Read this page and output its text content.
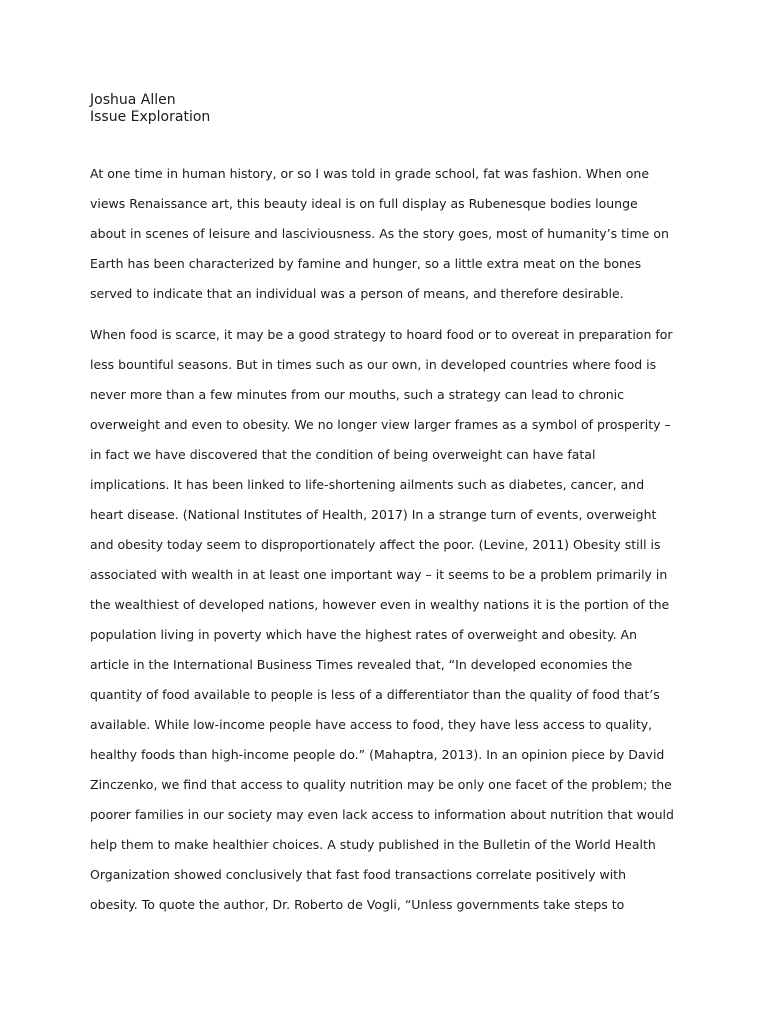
Joshua Allen
Issue Exploration
At one time in human history, or so I was told in grade school, fat was fashion. When one
views Renaissance art, this beauty ideal is on full display as Rubenesque bodies lounge
about in scenes of leisure and lasciviousness. As the story goes, most of humanity’s time on
Earth has been characterized by famine and hunger, so a little extra meat on the bones
served to indicate that an individual was a person of means, and therefore desirable.
When food is scarce, it may be a good strategy to hoard food or to overeat in preparation for
less bountiful seasons. But in times such as our own, in developed countries where food is
never more than a few minutes from our mouths, such a strategy can lead to chronic
overweight and even to obesity. We no longer view larger frames as a symbol of prosperity –
in fact we have discovered that the condition of being overweight can have fatal
implications. It has been linked to life-shortening ailments such as diabetes, cancer, and
heart disease. (National Institutes of Health, 2017) In a strange turn of events, overweight
and obesity today seem to disproportionately affect the poor. (Levine, 2011) Obesity still is
associated with wealth in at least one important way – it seems to be a problem primarily in
the wealthiest of developed nations, however even in wealthy nations it is the portion of the
population living in poverty which have the highest rates of overweight and obesity. An
article in the International Business Times revealed that, “In developed economies the
quantity of food available to people is less of a differentiator than the quality of food that’s
available. While low-income people have access to food, they have less access to quality,
healthy foods than high-income people do.” (Mahaptra, 2013). In an opinion piece by David
Zinczenko, we find that access to quality nutrition may be only one facet of the problem; the
poorer families in our society may even lack access to information about nutrition that would
help them to make healthier choices. A study published in the Bulletin of the World Health
Organization showed conclusively that fast food transactions correlate positively with
obesity. To quote the author, Dr. Roberto de Vogli, “Unless governments take steps to
